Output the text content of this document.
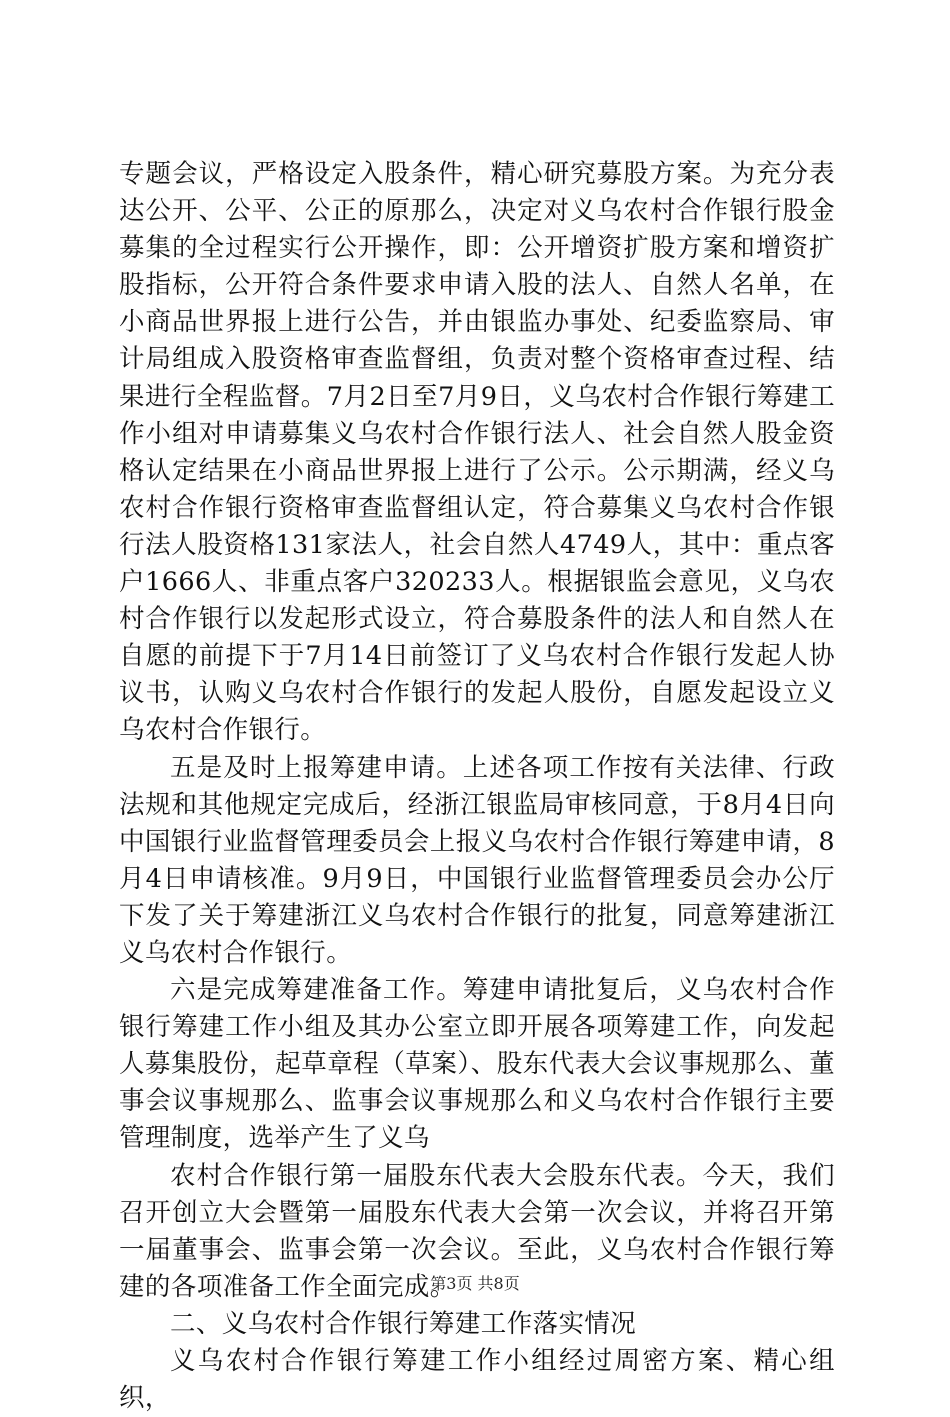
专题会议，严格设定入股条件，精心研究募股方案。为充分表达公开、公平、公正的原那么，决定对义乌农村合作银行股金募集的全过程实行公开操作，即：公开增资扩股方案和增资扩股指标，公开符合条件要求申请入股的法人、自然人名单，在小商品世界报上进行公告，并由银监办事处、纪委监察局、审计局组成入股资格审查监督组，负责对整个资格审查过程、结果进行全程监督。7月2日至7月9日，义乌农村合作银行筹建工作小组对申请募集义乌农村合作银行法人、社会自然人股金资格认定结果在小商品世界报上进行了公示。公示期满，经义乌农村合作银行资格审查监督组认定，符合募集义乌农村合作银行法人股资格131家法人，社会自然人4749人，其中：重点客户1666人、非重点客户320233人。根据银监会意见，义乌农村合作银行以发起形式设立，符合募股条件的法人和自然人在自愿的前提下于7月14日前签订了义乌农村合作银行发起人协议书，认购义乌农村合作银行的发起人股份，自愿发起设立义乌农村合作银行。

五是及时上报筹建申请。上述各项工作按有关法律、行政法规和其他规定完成后，经浙江银监局审核同意，于8月4日向中国银行业监督管理委员会上报义乌农村合作银行筹建申请，8月4日申请核准。9月9日，中国银行业监督管理委员会办公厅下发了关于筹建浙江义乌农村合作银行的批复，同意筹建浙江义乌农村合作银行。

六是完成筹建准备工作。筹建申请批复后，义乌农村合作银行筹建工作小组及其办公室立即开展各项筹建工作，向发起人募集股份，起草章程（草案）、股东代表大会议事规那么、董事会议事规那么、监事会议事规那么和义乌农村合作银行主要管理制度，选举产生了义乌

农村合作银行第一届股东代表大会股东代表。今天，我们召开创立大会暨第一届股东代表大会第一次会议，并将召开第一届董事会、监事会第一次会议。至此，义乌农村合作银行筹建的各项准备工作全面完成。

二、义乌农村合作银行筹建工作落实情况

义乌农村合作银行筹建工作小组经过周密方案、精心组织，

第3页 共8页
